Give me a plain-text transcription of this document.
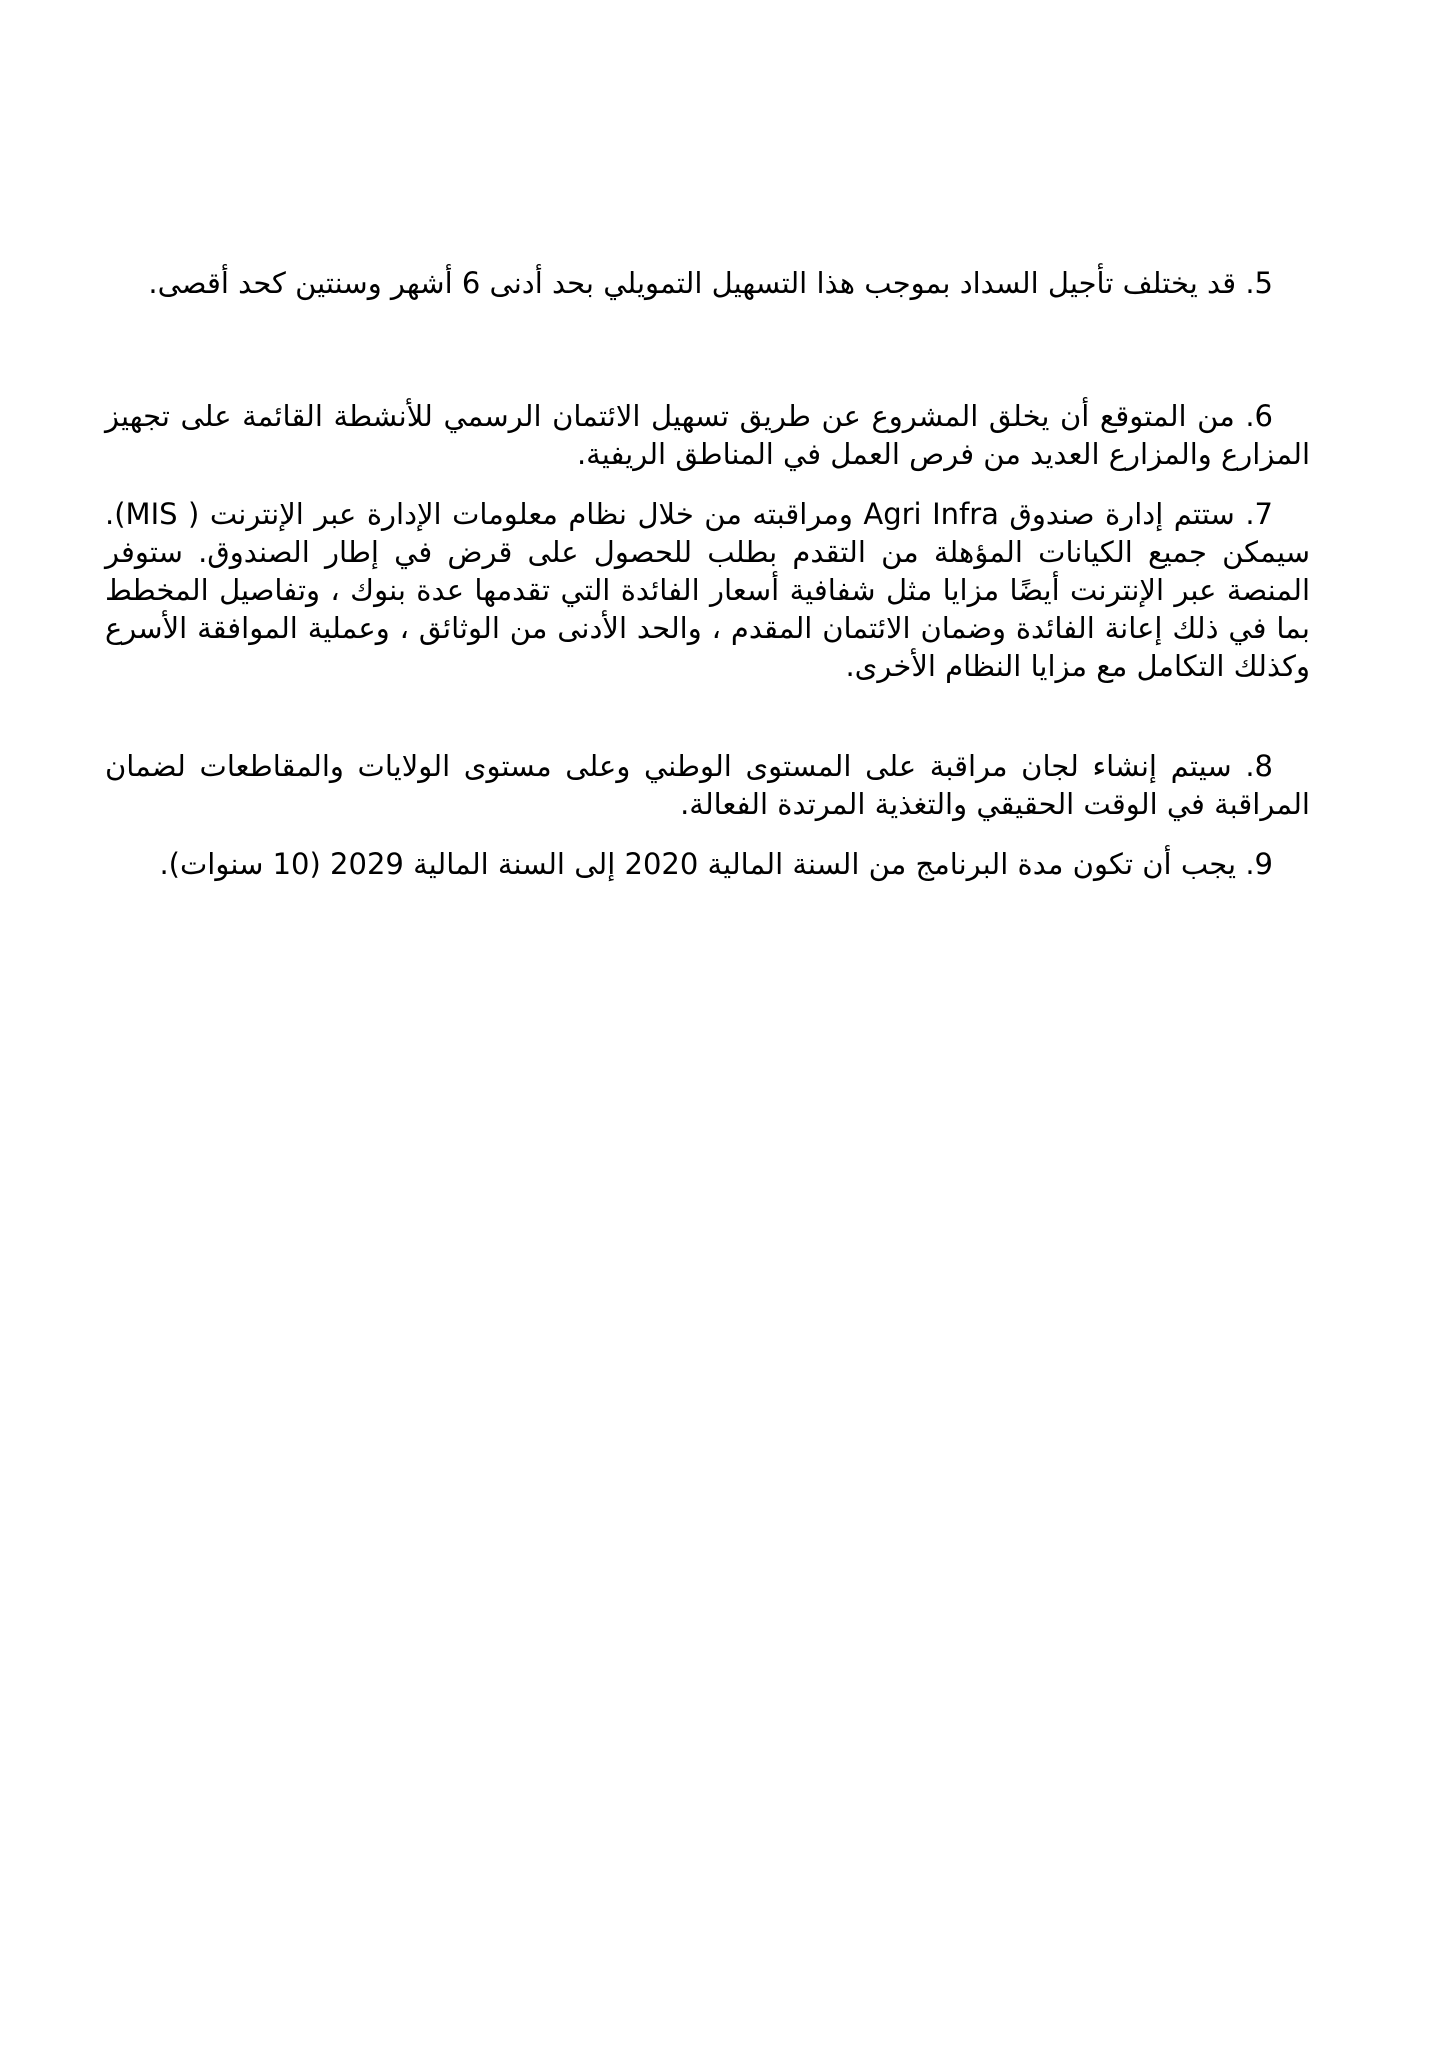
5. قد يختلف تأجيل السداد بموجب هذا التسهيل التمويلي بحد أدنى 6 أشهر وسنتين كحد أقصى.

6. من المتوقع أن يخلق المشروع عن طريق تسهيل الائتمان الرسمي للأنشطة القائمة على تجهيز المزارع والمزارع العديد من فرص العمل في المناطق الريفية.

7. ستتم إدارة صندوق Agri Infra ومراقبته من خلال نظام معلومات الإدارة عبر الإنترنت ( MIS). سيمكن جميع الكيانات المؤهلة من التقدم بطلب للحصول على قرض في إطار الصندوق. ستوفر المنصة عبر الإنترنت أيضًا مزايا مثل شفافية أسعار الفائدة التي تقدمها عدة بنوك ، وتفاصيل المخطط بما في ذلك إعانة الفائدة وضمان الائتمان المقدم ، والحد الأدنى من الوثائق ، وعملية الموافقة الأسرع وكذلك التكامل مع مزايا النظام الأخرى.

8. سيتم إنشاء لجان مراقبة على المستوى الوطني وعلى مستوى الولايات والمقاطعات لضمان المراقبة في الوقت الحقيقي والتغذية المرتدة الفعالة.

9. يجب أن تكون مدة البرنامج من السنة المالية 2020 إلى السنة المالية 2029 (10 سنوات).
